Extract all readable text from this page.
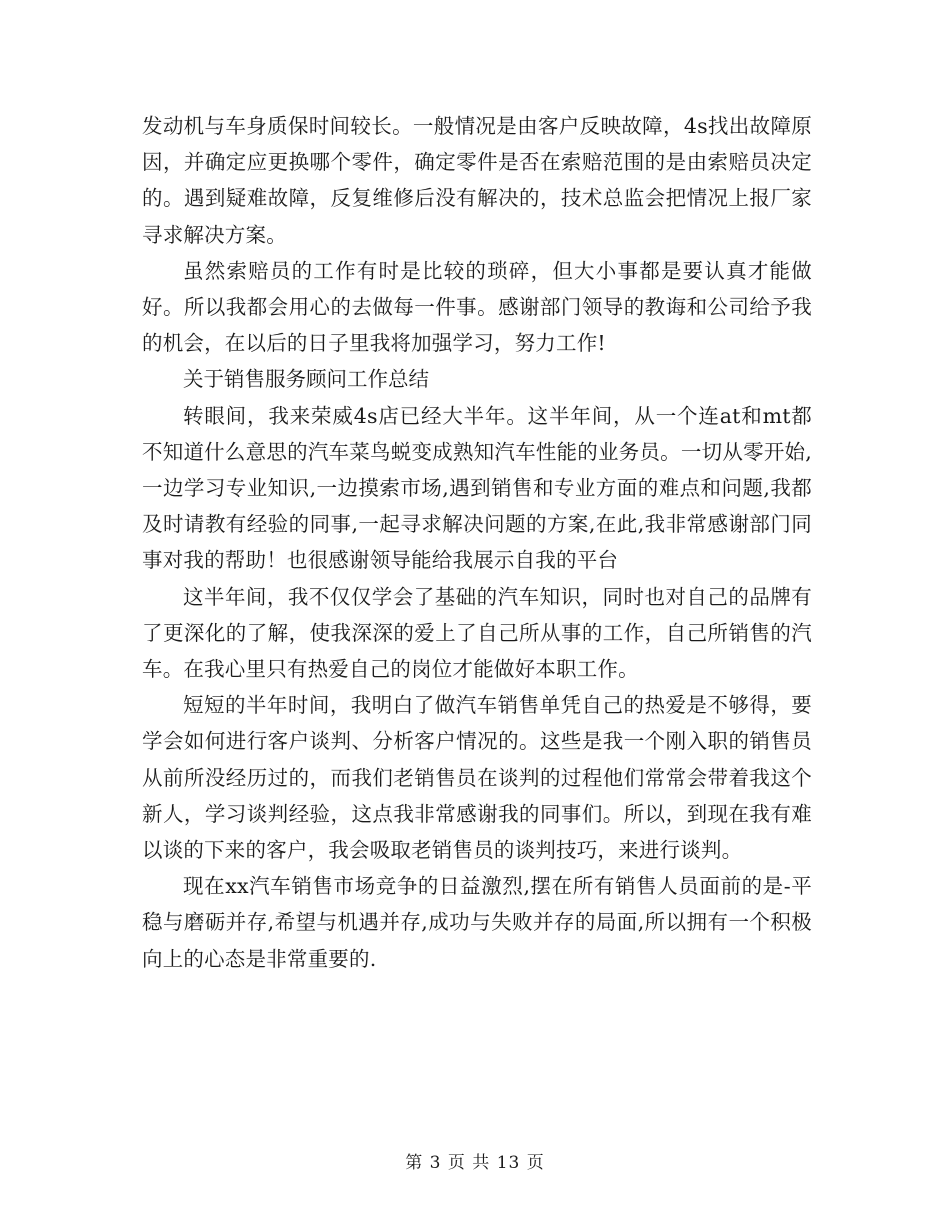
发动机与车身质保时间较长。一般情况是由客户反映故障，4s找出故障原因，并确定应更换哪个零件，确定零件是否在索赔范围的是由索赔员决定的。遇到疑难故障，反复维修后没有解决的，技术总监会把情况上报厂家寻求解决方案。

虽然索赔员的工作有时是比较的琐碎，但大小事都是要认真才能做好。所以我都会用心的去做每一件事。感谢部门领导的教诲和公司给予我的机会，在以后的日子里我将加强学习，努力工作!

关于销售服务顾问工作总结

转眼间，我来荣威4s店已经大半年。这半年间，从一个连at和mt都不知道什么意思的汽车菜鸟蜕变成熟知汽车性能的业务员。一切从零开始,一边学习专业知识,一边摸索市场,遇到销售和专业方面的难点和问题,我都及时请教有经验的同事,一起寻求解决问题的方案,在此,我非常感谢部门同事对我的帮助！也很感谢领导能给我展示自我的平台

这半年间，我不仅仅学会了基础的汽车知识，同时也对自己的品牌有了更深化的了解，使我深深的爱上了自己所从事的工作，自己所销售的汽车。在我心里只有热爱自己的岗位才能做好本职工作。

短短的半年时间，我明白了做汽车销售单凭自己的热爱是不够得，要学会如何进行客户谈判、分析客户情况的。这些是我一个刚入职的销售员从前所没经历过的，而我们老销售员在谈判的过程他们常常会带着我这个新人，学习谈判经验，这点我非常感谢我的同事们。所以，到现在我有难以谈的下来的客户，我会吸取老销售员的谈判技巧，来进行谈判。

现在xx汽车销售市场竞争的日益激烈,摆在所有销售人员面前的是-平稳与磨砺并存,希望与机遇并存,成功与失败并存的局面,所以拥有一个积极向上的心态是非常重要的.

第 3 页 共 13 页
